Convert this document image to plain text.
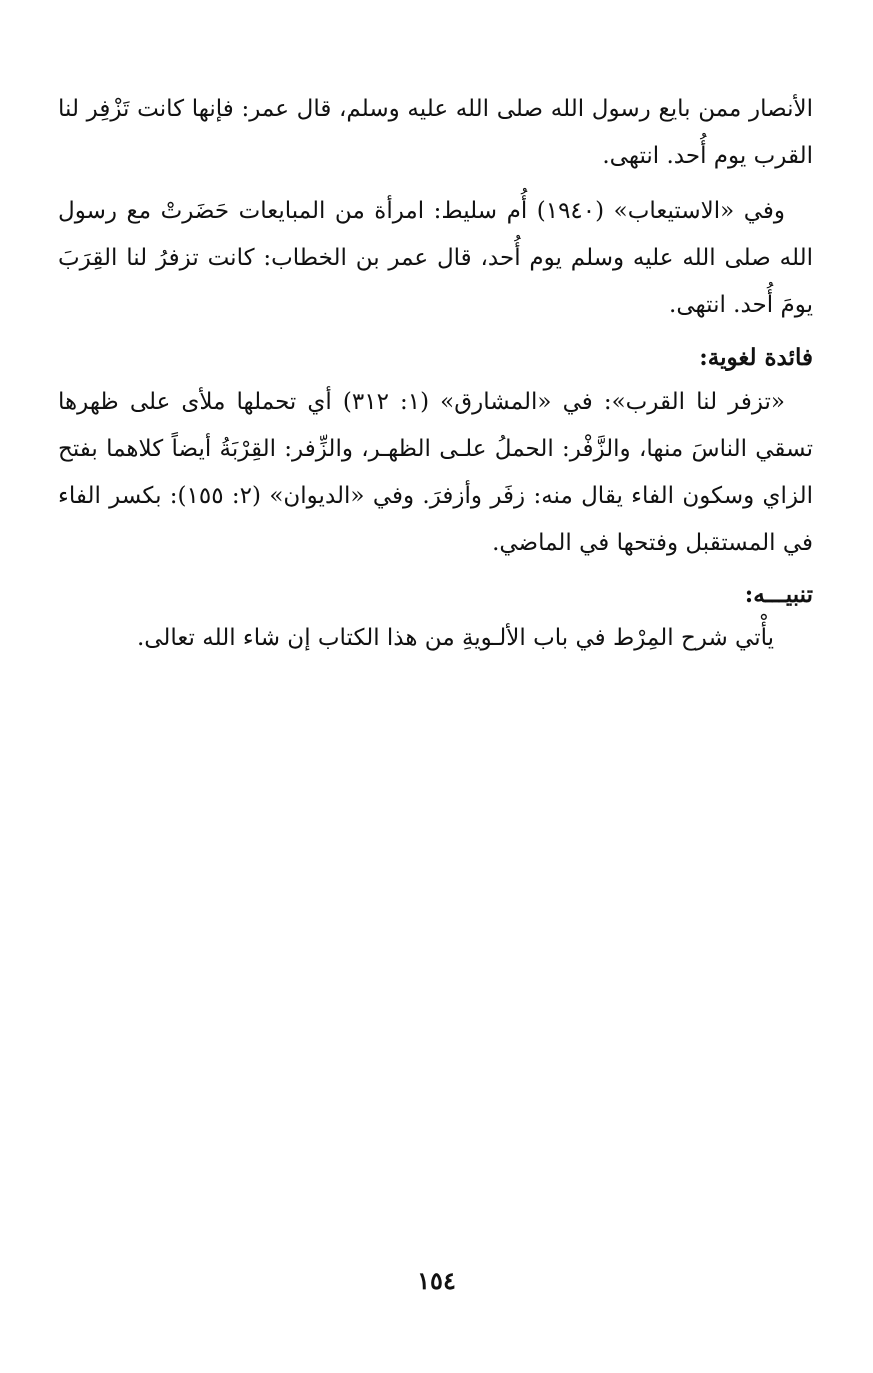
الأنصار ممن بايع رسول الله صلى الله عليه وسلم، قال عمر: فإنها كانت تَزْفِر لنا القرب يوم أُحد. انتهى.

وفي «الاستيعاب» (١٩٤٠) أُم سليط: امرأة من المبايعات حَضَرتْ مع رسول الله صلى الله عليه وسلم يوم أُحد، قال عمر بن الخطاب: كانت تزفرُ لنا القِرَبَ يومَ أُحد. انتهى.

فائدة لغوية:

«تزفر لنا القرب»: في «المشارق» (١: ٣١٢) أي تحملها ملأى على ظهرها تسقي الناسَ منها، والزَّفْر: الحملُ علـى الظهـر، والزِّفر: القِرْبَةُ أيضاً كلاهما بفتح الزاي وسكون الفاء يقال منه: زفَر وأزفرَ. وفي «الديوان» (٢: ١٥٥): بكسر الفاء في المستقبل وفتحها في الماضي.

تنبيـــه:

يأْتي شرح المِرْط في باب الألـويةِ من هذا الكتاب إن شاء الله تعالى.

١٥٤
